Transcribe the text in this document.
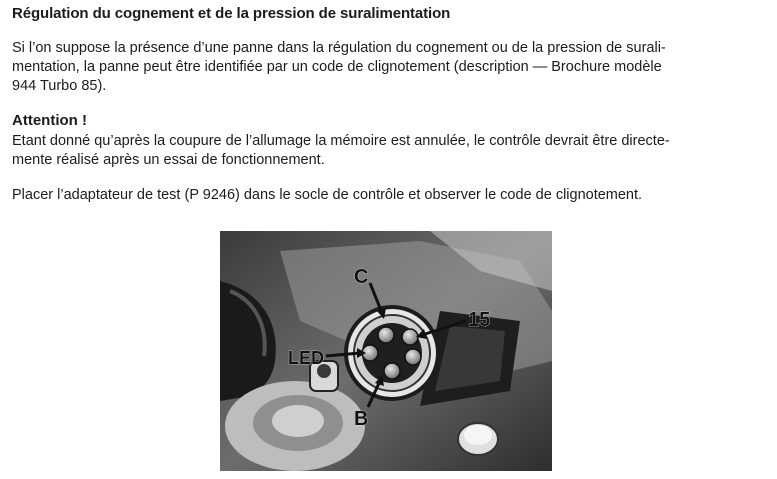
Régulation du cognement et de la pression de suralimentation
Si l’on suppose la présence d’une panne dans la régulation du cognement ou de la pression de surali-
mentation, la panne peut être identifiée par un code de clignotement (description — Brochure modèle
944 Turbo 85).
Attention !
Etant donné qu’après la coupure de l’allumage la mémoire est annulée, le contrôle devrait être directe-
mente réalisé après un essai de fonctionnement.
Placer l’adaptateur de test (P 9246) dans le socle de contrôle et observer le code de clignotement.
C
15
LED
B
